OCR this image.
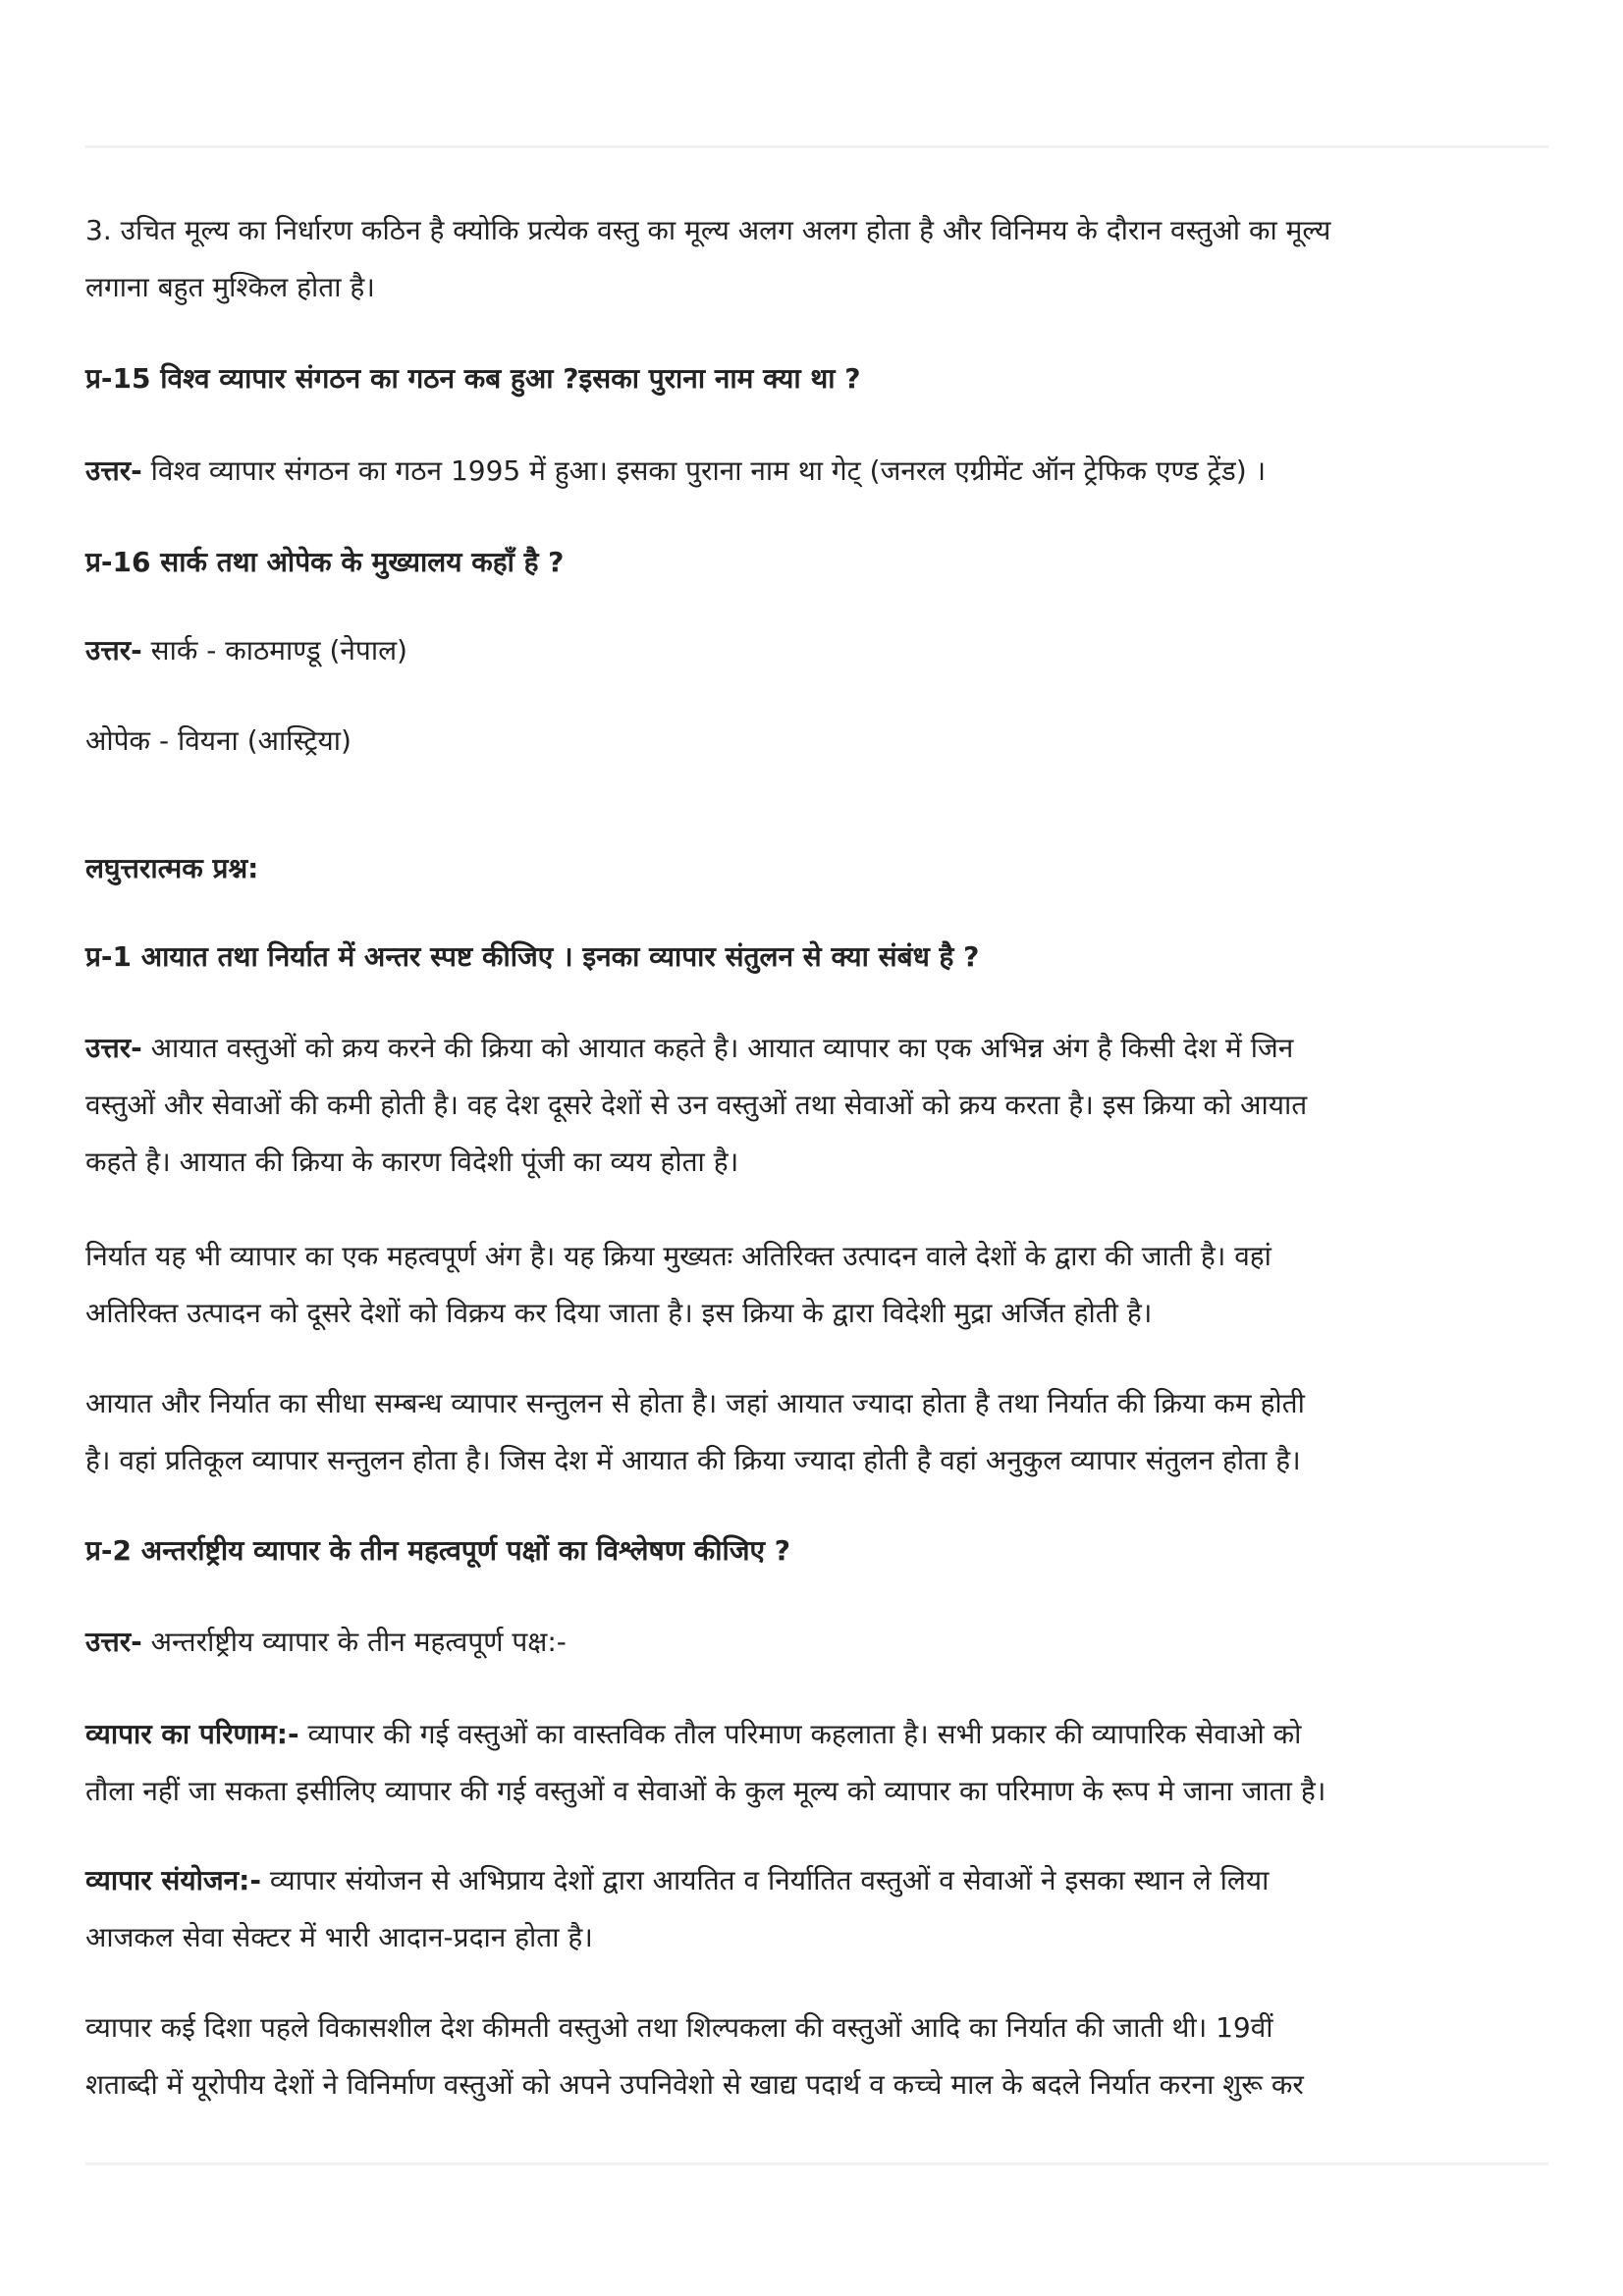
3. उचित मूल्य का निर्धारण कठिन है क्योकि प्रत्येक वस्तु का मूल्य अलग अलग होता है और विनिमय के दौरान वस्तुओ का मूल्य
लगाना बहुत मुश्किल होता है।
प्र-15 विश्व व्यापार संगठन का गठन कब हुआ ?इसका पुराना नाम क्या था ?
उत्तर- विश्व व्यापार संगठन का गठन 1995 में हुआ। इसका पुराना नाम था गेट् (जनरल एग्रीमेंट ऑन ट्रेफिक एण्ड ट्रेंड) ।
प्र-16 सार्क तथा ओपेक के मुख्यालय कहाँ है ?
उत्तर- सार्क - काठमाण्डू (नेपाल)
ओपेक - वियना (आस्ट्रिया)
लघुत्तरात्मक प्रश्न:
प्र-1 आयात तथा निर्यात में अन्तर स्पष्ट कीजिए । इनका व्यापार संतुलन से क्या संबंध है ?
उत्तर- आयात वस्तुओं को क्रय करने की क्रिया को आयात कहते है। आयात व्यापार का एक अभिन्न अंग है किसी देश में जिन
वस्तुओं और सेवाओं की कमी होती है। वह देश दूसरे देशों से उन वस्तुओं तथा सेवाओं को क्रय करता है। इस क्रिया को आयात
कहते है। आयात की क्रिया के कारण विदेशी पूंजी का व्यय होता है।
निर्यात यह भी व्यापार का एक महत्वपूर्ण अंग है। यह क्रिया मुख्यतः अतिरिक्त उत्पादन वाले देशों के द्वारा की जाती है। वहां
अतिरिक्त उत्पादन को दूसरे देशों को विक्रय कर दिया जाता है। इस क्रिया के द्वारा विदेशी मुद्रा अर्जित होती है।
आयात और निर्यात का सीधा सम्बन्ध व्यापार सन्तुलन से होता है। जहां आयात ज्यादा होता है तथा निर्यात की क्रिया कम होती
है। वहां प्रतिकूल व्यापार सन्तुलन होता है। जिस देश में आयात की क्रिया ज्यादा होती है वहां अनुकुल व्यापार संतुलन होता है।
प्र-2 अन्तर्राष्ट्रीय व्यापार के तीन महत्वपूर्ण पक्षों का विश्लेषण कीजिए ?
उत्तर- अन्तर्राष्ट्रीय व्यापार के तीन महत्वपूर्ण पक्ष:-
व्यापार का परिणाम:- व्यापार की गई वस्तुओं का वास्तविक तौल परिमाण कहलाता है। सभी प्रकार की व्यापारिक सेवाओ को
तौला नहीं जा सकता इसीलिए व्यापार की गई वस्तुओं व सेवाओं के कुल मूल्य को व्यापार का परिमाण के रूप मे जाना जाता है।
व्यापार संयोजन:- व्यापार संयोजन से अभिप्राय देशों द्वारा आयतित व निर्यातित वस्तुओं व सेवाओं ने इसका स्थान ले लिया
आजकल सेवा सेक्टर में भारी आदान-प्रदान होता है।
व्यापार कई दिशा पहले विकासशील देश कीमती वस्तुओ तथा शिल्पकला की वस्तुओं आदि का निर्यात की जाती थी। 19वीं
शताब्दी में यूरोपीय देशों ने विनिर्माण वस्तुओं को अपने उपनिवेशो से खाद्य पदार्थ व कच्चे माल के बदले निर्यात करना शुरू कर
